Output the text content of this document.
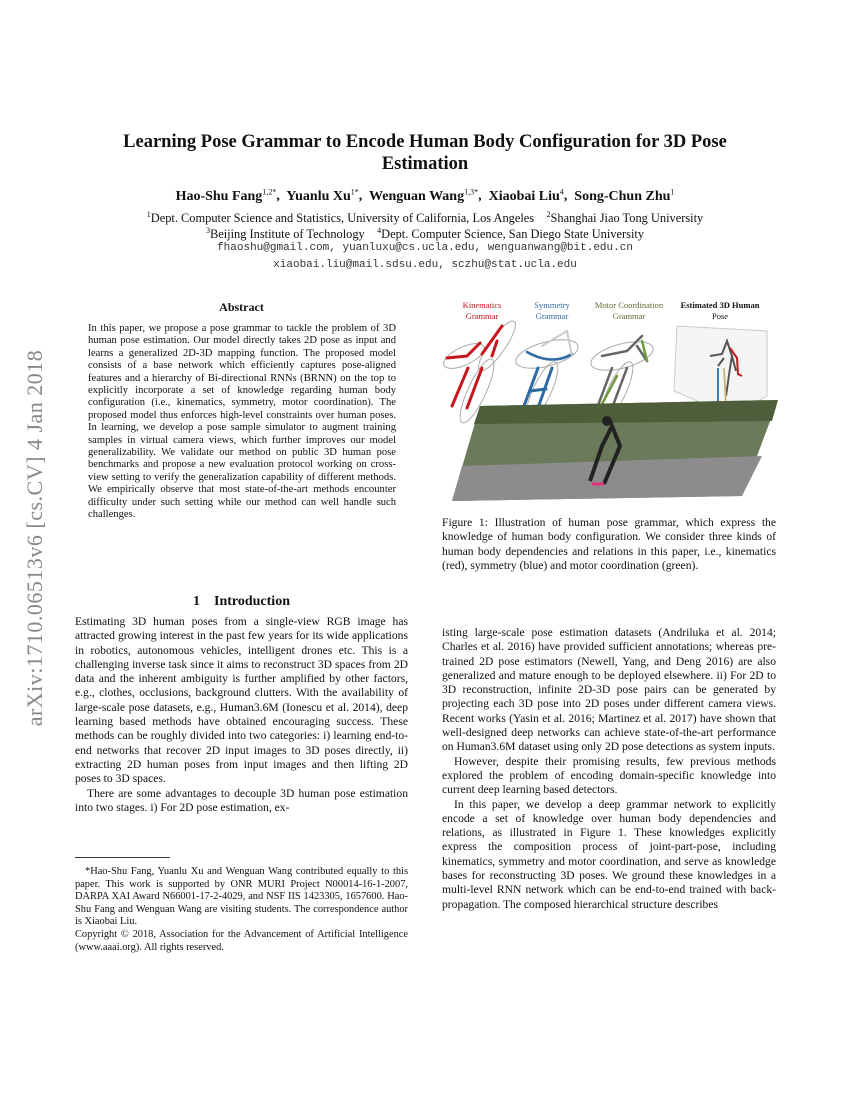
arXiv:1710.06513v6 [cs.CV] 4 Jan 2018
Learning Pose Grammar to Encode Human Body Configuration for 3D Pose Estimation
Hao-Shu Fang$^{1,2*}$,  Yuanlu $Xu^{1*}$,  Wenguan Wang$^{1,3*}$,  Xiaobai Liu$^4$,  Song-Chun Zhu$^1$
$^1$Dept. Computer Science and Statistics, University of California, Los Angeles $^2$Shanghai Jiao Tong University
$^3$Beijing Institute of Technology $^4$Dept. Computer Science, San Diego State University
fhaoshu@gmail.com, yuanluxu@cs.ucla.edu, wenguanwang@bit.edu.cn
xiaobai.liu@mail.sdsu.edu, sczhu@stat.ucla.edu
Abstract
In this paper, we propose a pose grammar to tackle the problem of 3D human pose estimation. Our model directly takes 2D pose as input and learns a generalized 2D-3D mapping function. The proposed model consists of a base network which efficiently captures pose-aligned features and a hierarchy of Bi-directional RNNs (BRNN) on the top to explicitly incorporate a set of knowledge regarding human body configuration (i.e., kinematics, symmetry, motor coordination). The proposed model thus enforces high-level constraints over human poses. In learning, we develop a pose sample simulator to augment training samples in virtual camera views, which further improves our model generalizability. We validate our method on public 3D human pose benchmarks and propose a new evaluation protocol working on cross-view setting to verify the generalization capability of different methods. We empirically observe that most state-of-the-art methods encounter difficulty under such setting while our method can well handle such challenges.
1    Introduction

Estimating 3D human poses from a single-view RGB image has attracted growing interest in the past few years for its wide applications in robotics, autonomous vehicles, intelligent drones etc. This is a challenging inverse task since it aims to reconstruct 3D spaces from 2D data and the inherent ambiguity is further amplified by other factors, e.g., clothes, occlusions, background clutters. With the availability of large-scale pose datasets, e.g., Human3.6M (Ionescu et al. 2014), deep learning based methods have obtained encouraging success. These methods can be roughly divided into two categories: i) learning end-to-end networks that recover 2D input images to 3D poses directly, ii) extracting 2D human poses from input images and then lifting 2D poses to 3D spaces.

There are some advantages to decouple 3D human pose estimation into two stages. i) For 2D pose estimation, ex-

*Hao-Shu Fang, Yuanlu Xu and Wenguan Wang contributed equally to this paper. This work is supported by ONR MURI Project N00014-16-1-2007, DARPA XAI Award N66001-17-2-4029, and NSF IIS 1423305, 1657600. Hao-Shu Fang and Wenguan Wang are visiting students. The correspondence author is Xiaobai Liu.

Copyright © 2018, Association for the Advancement of Artificial Intelligence (www.aaai.org). All rights reserved.

Kinematics
Grammar
Symmetry
Grammar
Motor Coordination
Grammar
Estimated 3D Human
Pose
Figure 1: Illustration of human pose grammar, which express the knowledge of human body configuration. We consider three kinds of human body dependencies and relations in this paper, i.e., kinematics (red), symmetry (blue) and motor coordination (green).

isting large-scale pose estimation datasets (Andriluka et al. 2014; Charles et al. 2016) have provided sufficient annotations; whereas pre-trained 2D pose estimators (Newell, Yang, and Deng 2016) are also generalized and mature enough to be deployed elsewhere. ii) For 2D to 3D reconstruction, infinite 2D-3D pose pairs can be generated by projecting each 3D pose into 2D poses under different camera views. Recent works (Yasin et al. 2016; Martinez et al. 2017) have shown that well-designed deep networks can achieve state-of-the-art performance on Human3.6M dataset using only 2D pose detections as system inputs.

However, despite their promising results, few previous methods explored the problem of encoding domain-specific knowledge into current deep learning based detectors.

In this paper, we develop a deep grammar network to explicitly encode a set of knowledge over human body dependencies and relations, as illustrated in Figure 1. These knowledges explicitly express the composition process of joint-part-pose, including kinematics, symmetry and motor coordination, and serve as knowledge bases for reconstructing 3D poses. We ground these knowledges in a multi-level RNN network which can be end-to-end trained with back-propagation. The composed hierarchical structure describes
